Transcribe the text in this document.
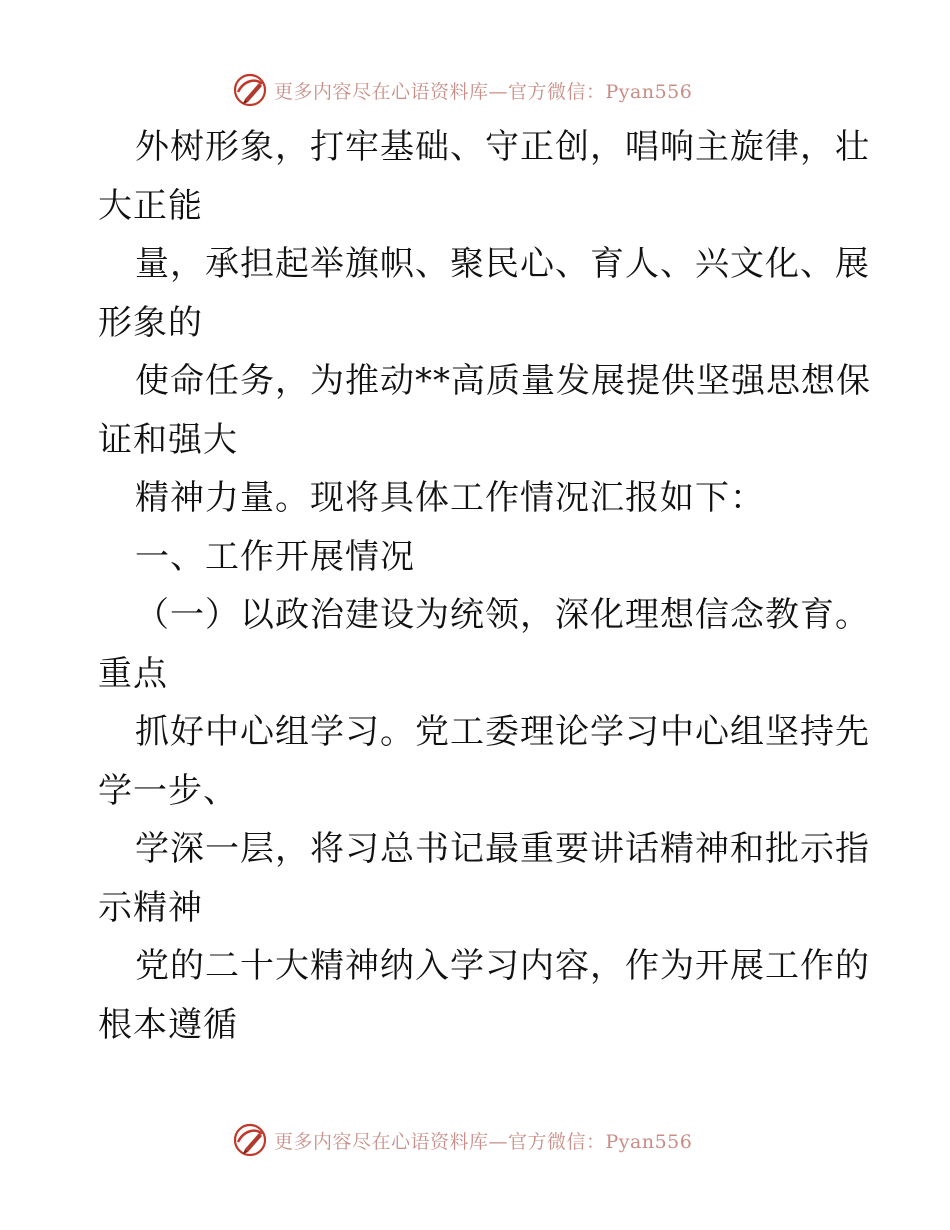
更多内容尽在心语资料库—官方微信：Pyan556
外树形象，打牢基础、守正创，唱响主旋律，壮
大正能
量，承担起举旗帜、聚民心、育人、兴文化、展
形象的
使命任务，为推动**高质量发展提供坚强思想保
证和强大
精神力量。现将具体工作情况汇报如下：
一、工作开展情况
（一）以政治建设为统领，深化理想信念教育。
重点
抓好中心组学习。党工委理论学习中心组坚持先
学一步、
学深一层，将习总书记最重要讲话精神和批示指
示精神
党的二十大精神纳入学习内容，作为开展工作的
根本遵循
更多内容尽在心语资料库—官方微信：Pyan556
